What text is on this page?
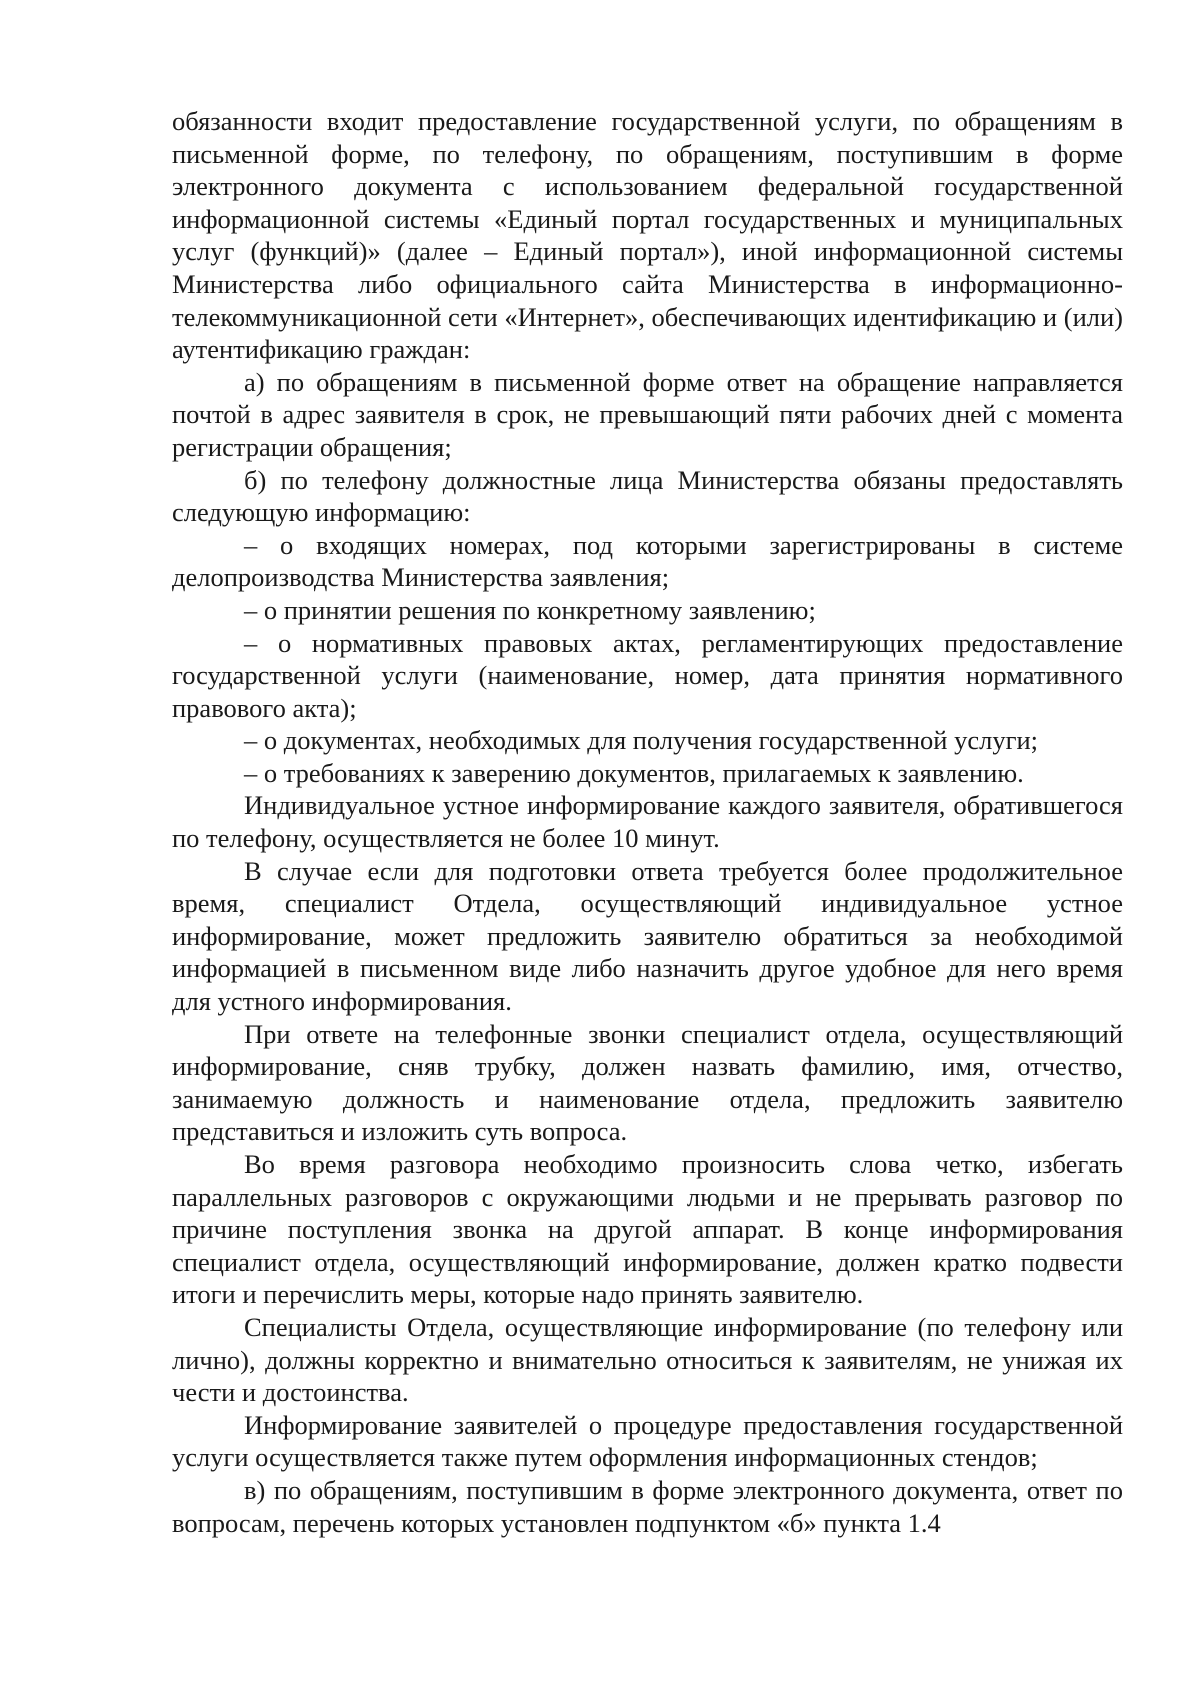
обязанности входит предоставление государственной услуги, по обращениям в письменной форме, по телефону, по обращениям, поступившим в форме электронного документа с использованием федеральной государственной информационной системы «Единый портал государственных и муниципальных услуг (функций)» (далее – Единый портал»), иной информационной системы Министерства либо официального сайта Министерства в информационно-телекоммуникационной сети «Интернет», обеспечивающих идентификацию и (или) аутентификацию граждан:

а) по обращениям в письменной форме ответ на обращение направляется почтой в адрес заявителя в срок, не превышающий пяти рабочих дней с момента регистрации обращения;

б) по телефону должностные лица Министерства обязаны предоставлять следующую информацию:

– о входящих номерах, под которыми зарегистрированы в системе делопроизводства Министерства заявления;

– о принятии решения по конкретному заявлению;

– о нормативных правовых актах, регламентирующих предоставление государственной услуги (наименование, номер, дата принятия нормативного правового акта);

– о документах, необходимых для получения государственной услуги;

– о требованиях к заверению документов, прилагаемых к заявлению.

Индивидуальное устное информирование каждого заявителя, обратившегося по телефону, осуществляется не более 10 минут.

В случае если для подготовки ответа требуется более продолжительное время, специалист Отдела, осуществляющий индивидуальное устное информирование, может предложить заявителю обратиться за необходимой информацией в письменном виде либо назначить другое удобное для него время для устного информирования.

При ответе на телефонные звонки специалист отдела, осуществляющий информирование, сняв трубку, должен назвать фамилию, имя, отчество, занимаемую должность и наименование отдела, предложить заявителю представиться и изложить суть вопроса.

Во время разговора необходимо произносить слова четко, избегать параллельных разговоров с окружающими людьми и не прерывать разговор по причине поступления звонка на другой аппарат. В конце информирования специалист отдела, осуществляющий информирование, должен кратко подвести итоги и перечислить меры, которые надо принять заявителю.

Специалисты Отдела, осуществляющие информирование (по телефону или лично), должны корректно и внимательно относиться к заявителям, не унижая их чести и достоинства.

Информирование заявителей о процедуре предоставления государственной услуги осуществляется также путем оформления информационных стендов;

в) по обращениям, поступившим в форме электронного документа, ответ по вопросам, перечень которых установлен подпунктом «б» пункта 1.4
